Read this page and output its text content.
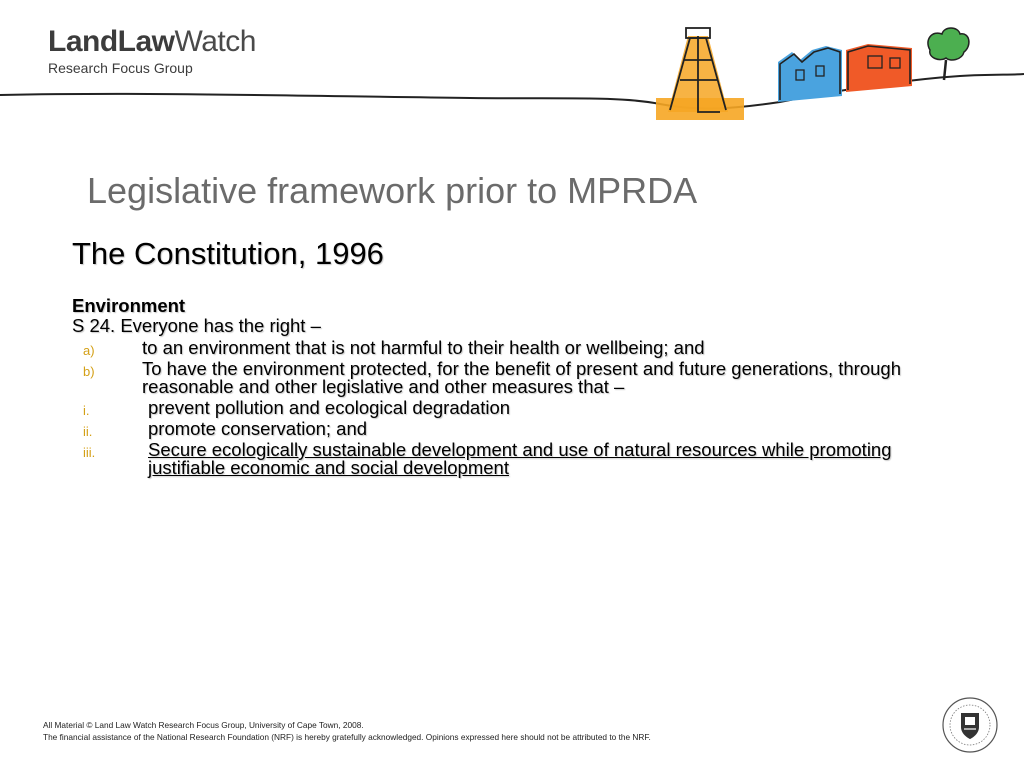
LandLawWatch
Research Focus Group
Legislative framework prior to MPRDA
The Constitution, 1996
Environment
S 24. Everyone has the right –
a)	to an environment that is not harmful to their health or wellbeing; and
b)	To have the environment protected, for the benefit of present and future generations, through reasonable and other legislative and other measures that –
i.	prevent pollution and ecological degradation
ii.	promote conservation; and
iii.	Secure ecologically sustainable development and use of natural resources while promoting justifiable economic and social development
All Material © Land Law Watch Research Focus Group, University of Cape Town, 2008.
The financial assistance of the National Research Foundation (NRF) is hereby gratefully acknowledged. Opinions expressed here should not be attributed to the NRF.
